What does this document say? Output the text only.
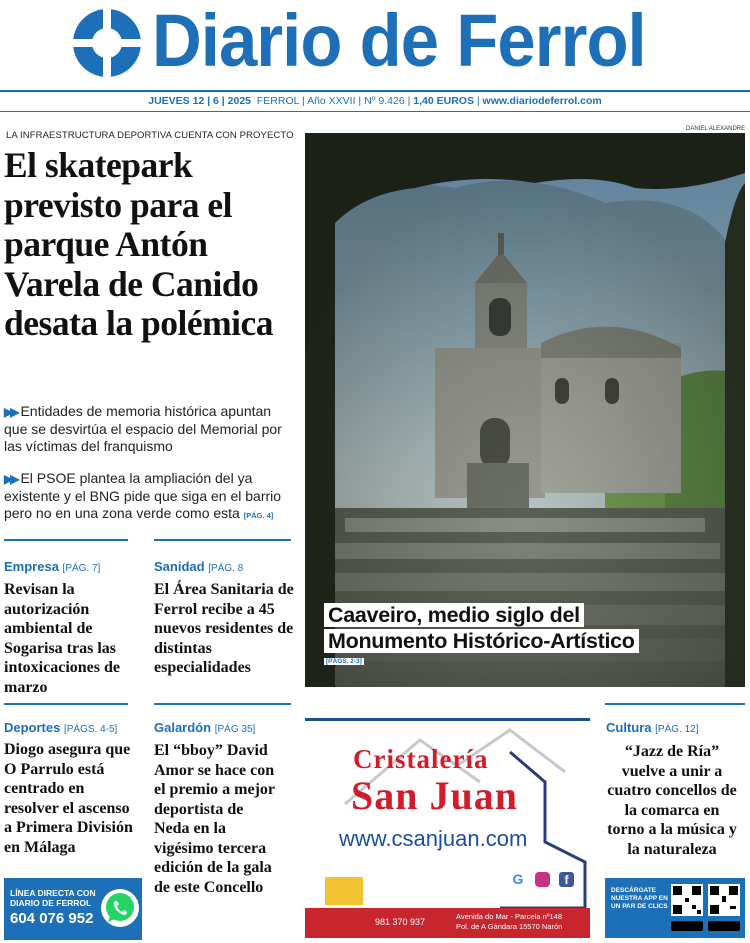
Diario de Ferrol
JUEVES 12 | 6 | 2025 FERROL | Año XXVII | Nº 9.426 | 1,40 EUROS | www.diariodeferrol.com
LA INFRAESTRUCTURA DEPORTIVA CUENTA CON PROYECTO
El skatepark previsto para el parque Antón Varela de Canido desata la polémica
▶▶ Entidades de memoria histórica apuntan que se desvirtúa el espacio del Memorial por las víctimas del franquismo
▶▶ El PSOE plantea la ampliación del ya existente y el BNG pide que siga en el barrio pero no en una zona verde como esta [PÁG. 4]
DANIEL ALEXANDRE
Caaveiro, medio siglo del
Monumento Histórico-Artístico
[PÁGS. 2-3]
Empresa [PÁG. 7]
Revisan la autorización ambiental de Sogarisa tras las intoxicaciones de marzo
Sanidad [PÁG. 8
El Área Sanitaria de Ferrol recibe a 45 nuevos residentes de distintas especialidades
Deportes [PÁGS. 4-5]
Diogo asegura que O Parrulo está centrado en resolver el ascenso a Primera División en Málaga
Galardón [PÁG 35]
El “bboy” David Amor se hace con el premio a mejor deportista de Neda en la vigésimo tercera edición de la gala de este Concello
Cultura [PÁG. 12]
“Jazz de Ría” vuelve a unir a cuatro concellos de la comarca en torno a la música y la naturaleza
LÍNEA DIRECTA CON
DIARIO DE FERROL
604 076 952
Cristalería
San Juan
www.csanjuan.com
G	f
981 370 937
Avenida do Mar - Parcela nº148
Pol. de A Gándara 15570 Narón
DESCÁRGATE NUESTRA APP EN UN PAR DE CLICS
